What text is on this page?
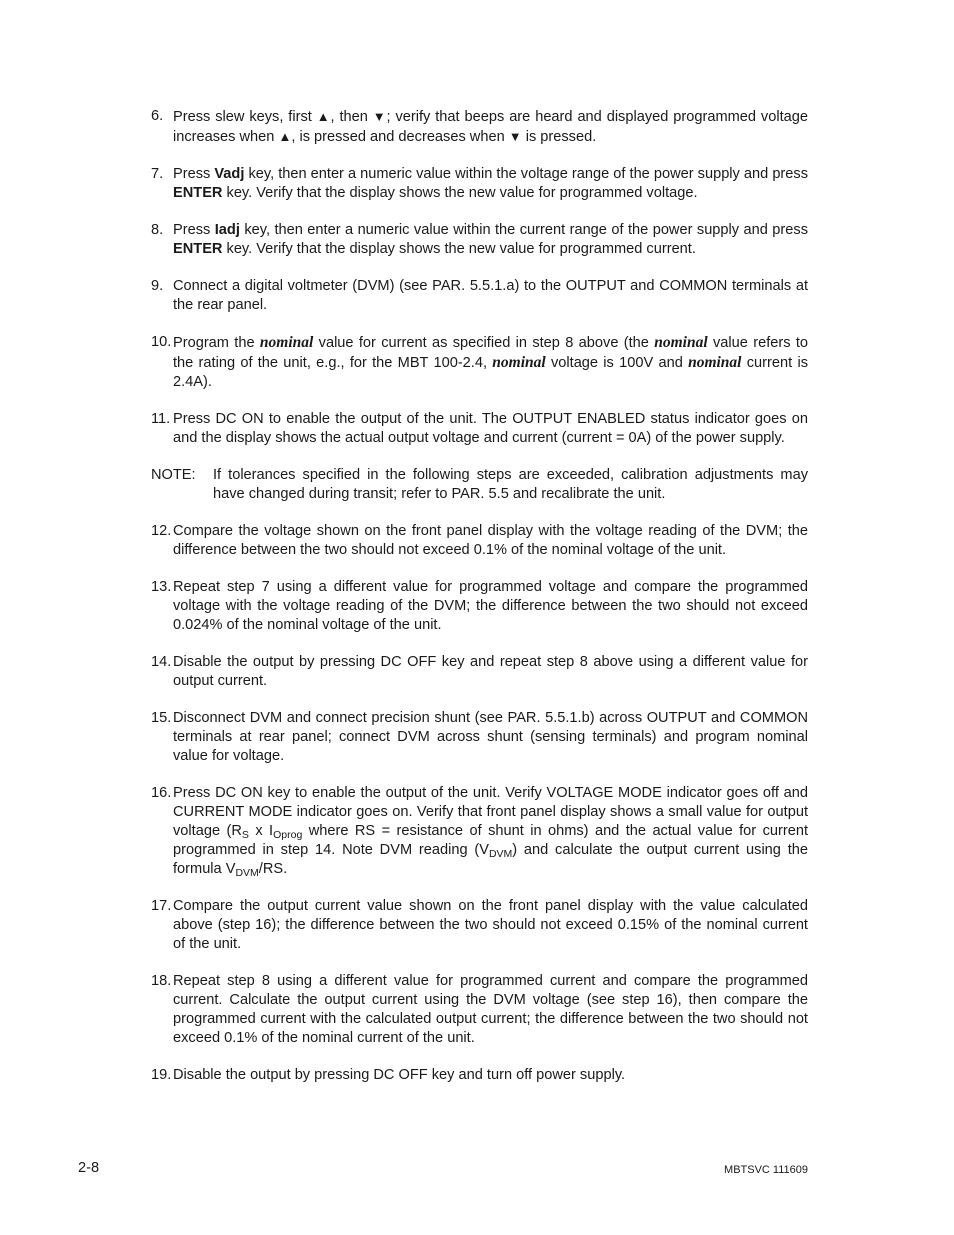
6. Press slew keys, first ▲, then ▼; verify that beeps are heard and displayed programmed voltage increases when ▲, is pressed and decreases when ▼ is pressed.
7. Press Vadj key, then enter a numeric value within the voltage range of the power supply and press ENTER key. Verify that the display shows the new value for programmed voltage.
8. Press Iadj key, then enter a numeric value within the current range of the power supply and press ENTER key. Verify that the display shows the new value for programmed current.
9. Connect a digital voltmeter (DVM) (see PAR. 5.5.1.a) to the OUTPUT and COMMON terminals at the rear panel.
10. Program the nominal value for current as specified in step 8 above (the nominal value refers to the rating of the unit, e.g., for the MBT 100-2.4, nominal voltage is 100V and nominal current is 2.4A).
11. Press DC ON to enable the output of the unit. The OUTPUT ENABLED status indicator goes on and the display shows the actual output voltage and current (current = 0A) of the power supply.
NOTE:	If tolerances specified in the following steps are exceeded, calibration adjustments may have changed during transit; refer to PAR. 5.5 and recalibrate the unit.
12. Compare the voltage shown on the front panel display with the voltage reading of the DVM; the difference between the two should not exceed 0.1% of the nominal voltage of the unit.
13. Repeat step 7 using a different value for programmed voltage and compare the programmed voltage with the voltage reading of the DVM; the difference between the two should not exceed 0.024% of the nominal voltage of the unit.
14. Disable the output by pressing DC OFF key and repeat step 8 above using a different value for output current.
15. Disconnect DVM and connect precision shunt (see PAR. 5.5.1.b) across OUTPUT and COMMON terminals at rear panel; connect DVM across shunt (sensing terminals) and program nominal value for voltage.
16. Press DC ON key to enable the output of the unit. Verify VOLTAGE MODE indicator goes off and CURRENT MODE indicator goes on. Verify that front panel display shows a small value for output voltage ($R_S$ x $I_{Oprog}$ where RS = resistance of shunt in ohms) and the actual value for current programmed in step 14. Note DVM reading $(V_{DVM})$ and calculate the output current using the formula $V_{DVM}/RS$.
17. Compare the output current value shown on the front panel display with the value calculated above (step 16); the difference between the two should not exceed 0.15% of the nominal current of the unit.
18. Repeat step 8 using a different value for programmed current and compare the programmed current. Calculate the output current using the DVM voltage (see step 16), then compare the programmed current with the calculated output current; the difference between the two should not exceed 0.1% of the nominal current of the unit.
19. Disable the output by pressing DC OFF key and turn off power supply.
2-8	MBTSVC 111609
